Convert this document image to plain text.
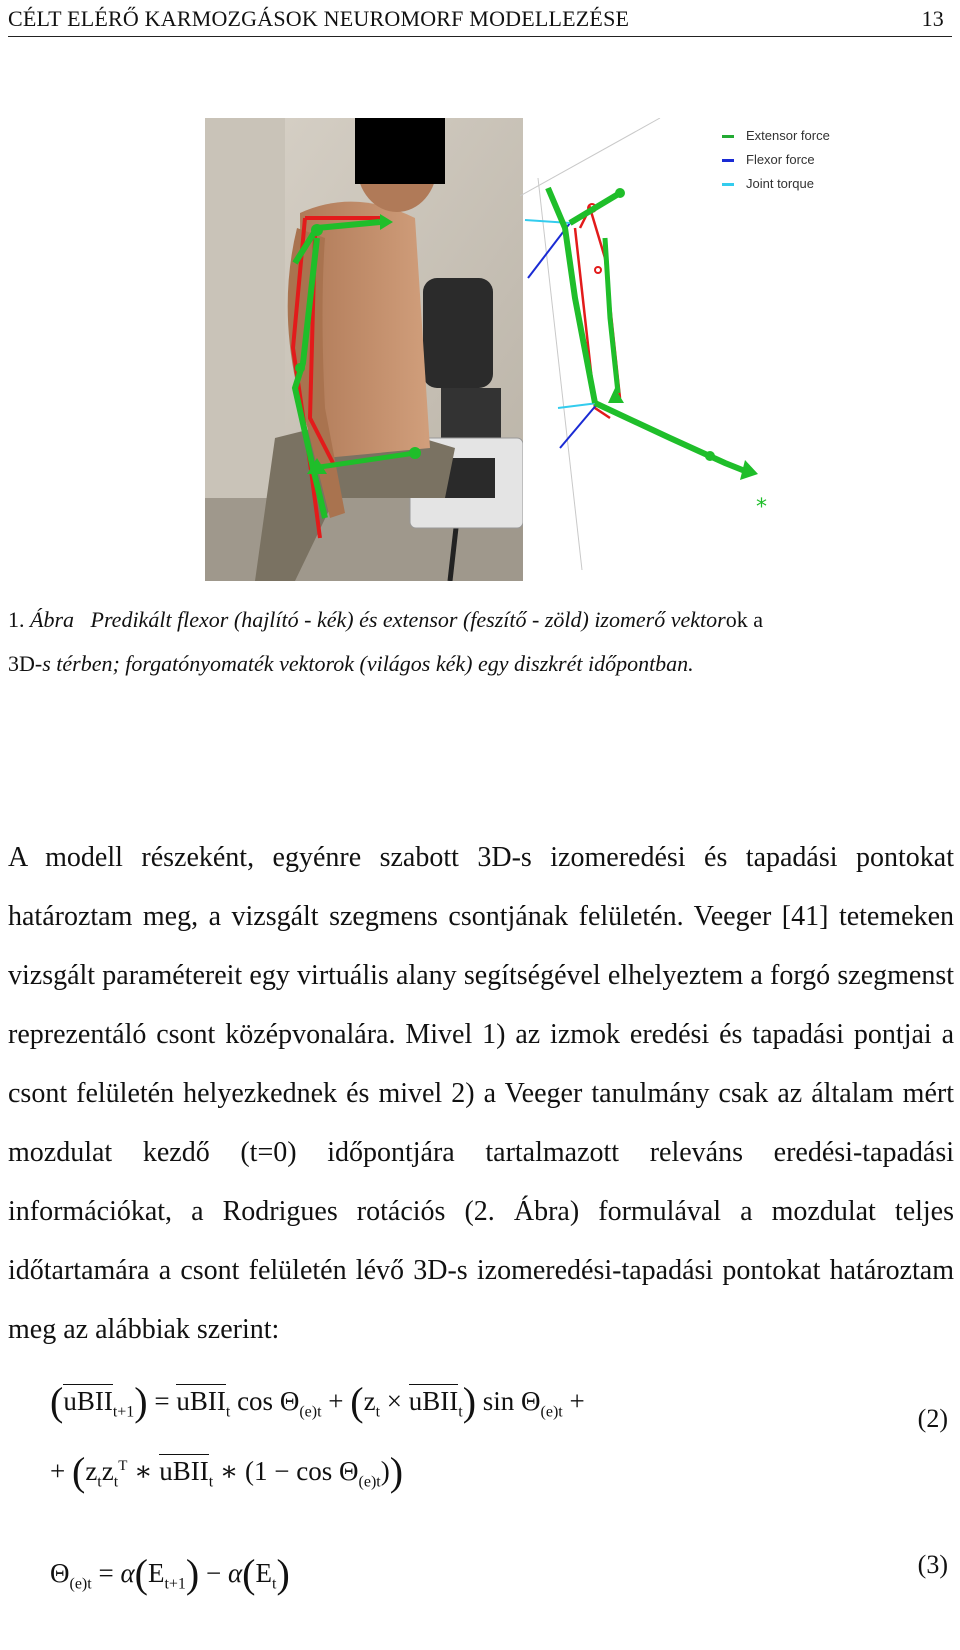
CÉLT ELÉRŐ KARMOZGÁSOK NEUROMORF MODELLEZÉSE	13
*
Extensor force
Flexor force
Joint torque
1. Ábra Predikált flexor (hajlító - kék) és extensor (feszítő - zöld) izomerő vektorok a
3D-s térben; forgatónyomaték vektorok (világos kék) egy diszkrét időpontban.

A modell részeként, egyénre szabott 3D-s izomeredési és tapadási pontokat határoztam meg, a vizsgált szegmens csontjának felületén. Veeger [41] tetemeken vizsgált paramétereit egy virtuális alany segítségével elhelyeztem a forgó szegmenst reprezentáló csont középvonalára. Mivel 1) az izmok eredési és tapadási pontjai a csont felületén helyezkednek és mivel 2) a Veeger tanulmány csak az általam mért mozdulat kezdő (t=0) időpontjára tartalmazott releváns eredési-tapadási információkat, a Rodrigues rotációs (2. Ábra) formulával a mozdulat teljes időtartamára a csont felületén lévő 3D-s izomeredési-tapadási pontokat határoztam meg az alábbiak szerint:

(uBII$_{t+1}$) = uBII$_t$ $\cos \Theta_{(e)t} + (z_t$ × uBII$_t$) $\sin \Theta_{(e)t}$ +
(2)
+ ($z_tz_t^T$ ∗ uBII$_t$ ∗ $(1 - \cos \Theta_{(e)t})$)
$\Theta_{(e)t} = \alpha(E_{t+1}) - \alpha(E_t)$	(3)
